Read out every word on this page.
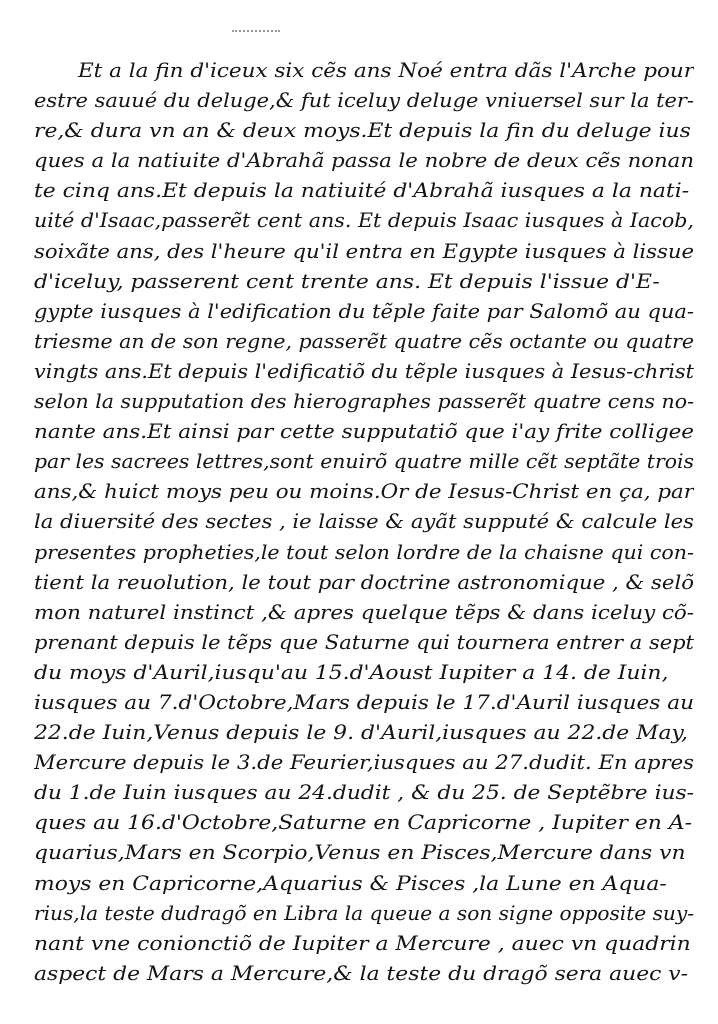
Et a la fin d'iceux six cẽs ans Noé entra dãs l'Arche pour
estre sauué du deluge,& fut iceluy deluge vniuersel sur la ter-
re,& dura vn an & deux moys.Et depuis la fin du deluge ius
ques a la natiuite d'Abrahã passa le nobre de deux cẽs nonan
te cinq ans.Et depuis la natiuité d'Abrahã iusques a la nati-
uité d'Isaac,passerẽt cent ans. Et depuis Isaac iusques à Iacob,
soixãte ans, des l'heure qu'il entra en Egypte iusques à lissue
d'iceluy, passerent cent trente ans. Et depuis l'issue d'E-
gypte iusques à l'edification du tẽple faite par Salomõ au qua-
triesme an de son regne, passerẽt quatre cẽs octante ou quatre
vingts ans.Et depuis l'edificatiõ du tẽple iusques à Iesus-christ
selon la supputation des hierographes passerẽt quatre cens no-
nante ans.Et ainsi par cette supputatiõ que i'ay frite colligee
par les sacrees lettres,sont enuirõ quatre mille cẽt septãte trois
ans,& huict moys peu ou moins.Or de Iesus-Christ en ça, par
la diuersité des sectes , ie laisse & ayãt supputé & calcule les
presentes propheties,le tout selon lordre de la chaisne qui con-
tient la reuolution, le tout par doctrine astronomique , & selõ
mon naturel instinct ,& apres quelque tẽps & dans iceluy cõ-
prenant depuis le tẽps que Saturne qui tournera entrer a sept
du moys d'Auril,iusqu'au 15.d'Aoust Iupiter a 14. de Iuin,
iusques au 7.d'Octobre,Mars depuis le 17.d'Auril iusques au
22.de Iuin,Venus depuis le 9. d'Auril,iusques au 22.de May,
Mercure depuis le 3.de Feurier,iusques au 27.dudit. En apres
du 1.de Iuin iusques au 24.dudit , & du 25. de Septẽbre ius-
ques au 16.d'Octobre,Saturne en Capricorne , Iupiter en A-
quarius,Mars en Scorpio,Venus en Pisces,Mercure dans vn
moys en Capricorne,Aquarius & Pisces ,la Lune en Aqua-
rius,la teste dudragõ en Libra la queue a son signe opposite suy-
nant vne conionctiõ de Iupiter a Mercure , auec vn quadrin
aspect de Mars a Mercure,& la teste du dragõ sera auec v-
